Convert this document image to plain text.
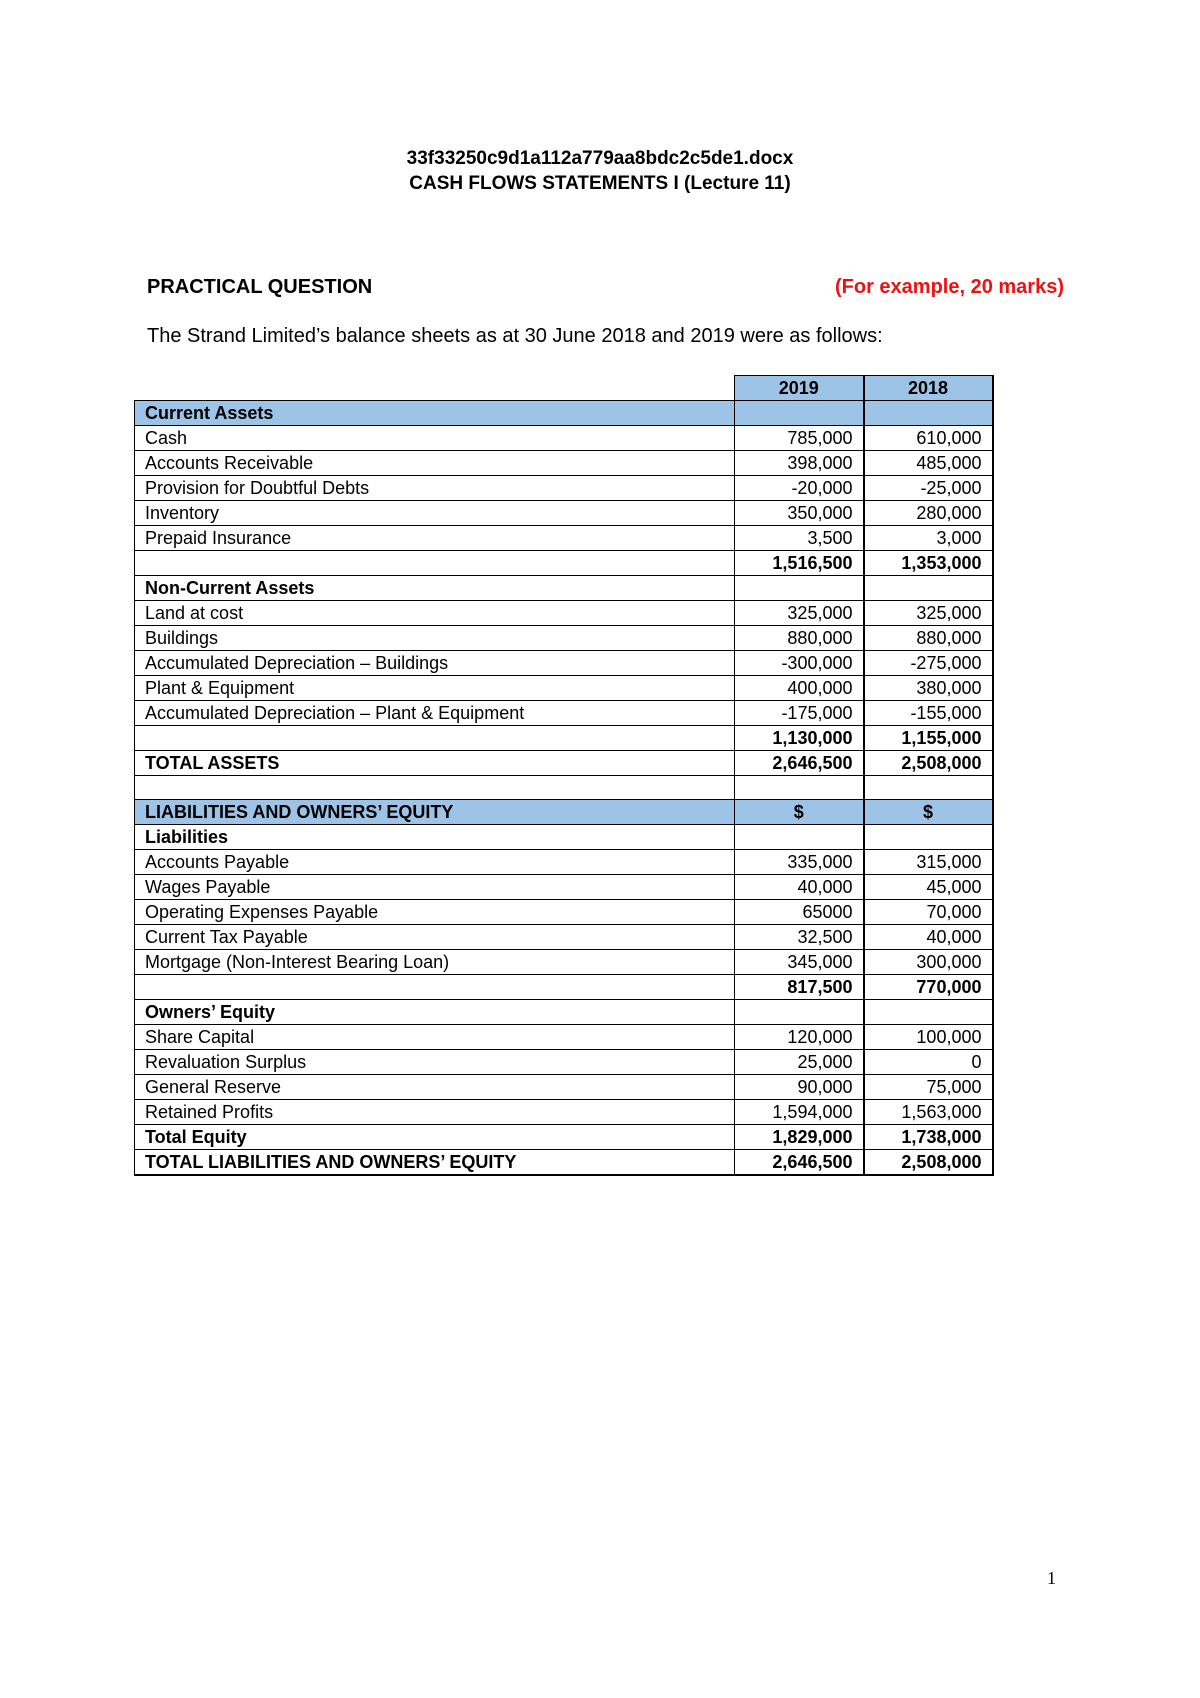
33f33250c9d1a112a779aa8bdc2c5de1.docx
CASH FLOWS STATEMENTS I (Lecture 11)
PRACTICAL QUESTION	(For example, 20 marks)
The Strand Limited’s balance sheets as at 30 June 2018 and 2019 were as follows:
	2019	2018
Current Assets		
Cash	785,000	610,000
Accounts Receivable	398,000	485,000
Provision for Doubtful Debts	-20,000	-25,000
Inventory	350,000	280,000
Prepaid Insurance	3,500	3,000
	1,516,500	1,353,000
Non-Current Assets		
Land at cost	325,000	325,000
Buildings	880,000	880,000
Accumulated Depreciation – Buildings	-300,000	-275,000
Plant & Equipment	400,000	380,000
Accumulated Depreciation – Plant & Equipment	-175,000	-155,000
	1,130,000	1,155,000
TOTAL ASSETS	2,646,500	2,508,000

LIABILITIES AND OWNERS’ EQUITY	$	$
Liabilities		
Accounts Payable	335,000	315,000
Wages Payable	40,000	45,000
Operating Expenses Payable	65000	70,000
Current Tax Payable	32,500	40,000
Mortgage (Non-Interest Bearing Loan)	345,000	300,000
	817,500	770,000
Owners’ Equity		
Share Capital	120,000	100,000
Revaluation Surplus	25,000	0
General Reserve	90,000	75,000
Retained Profits	1,594,000	1,563,000
Total Equity	1,829,000	1,738,000
TOTAL LIABILITIES AND OWNERS’ EQUITY	2,646,500	2,508,000
1
